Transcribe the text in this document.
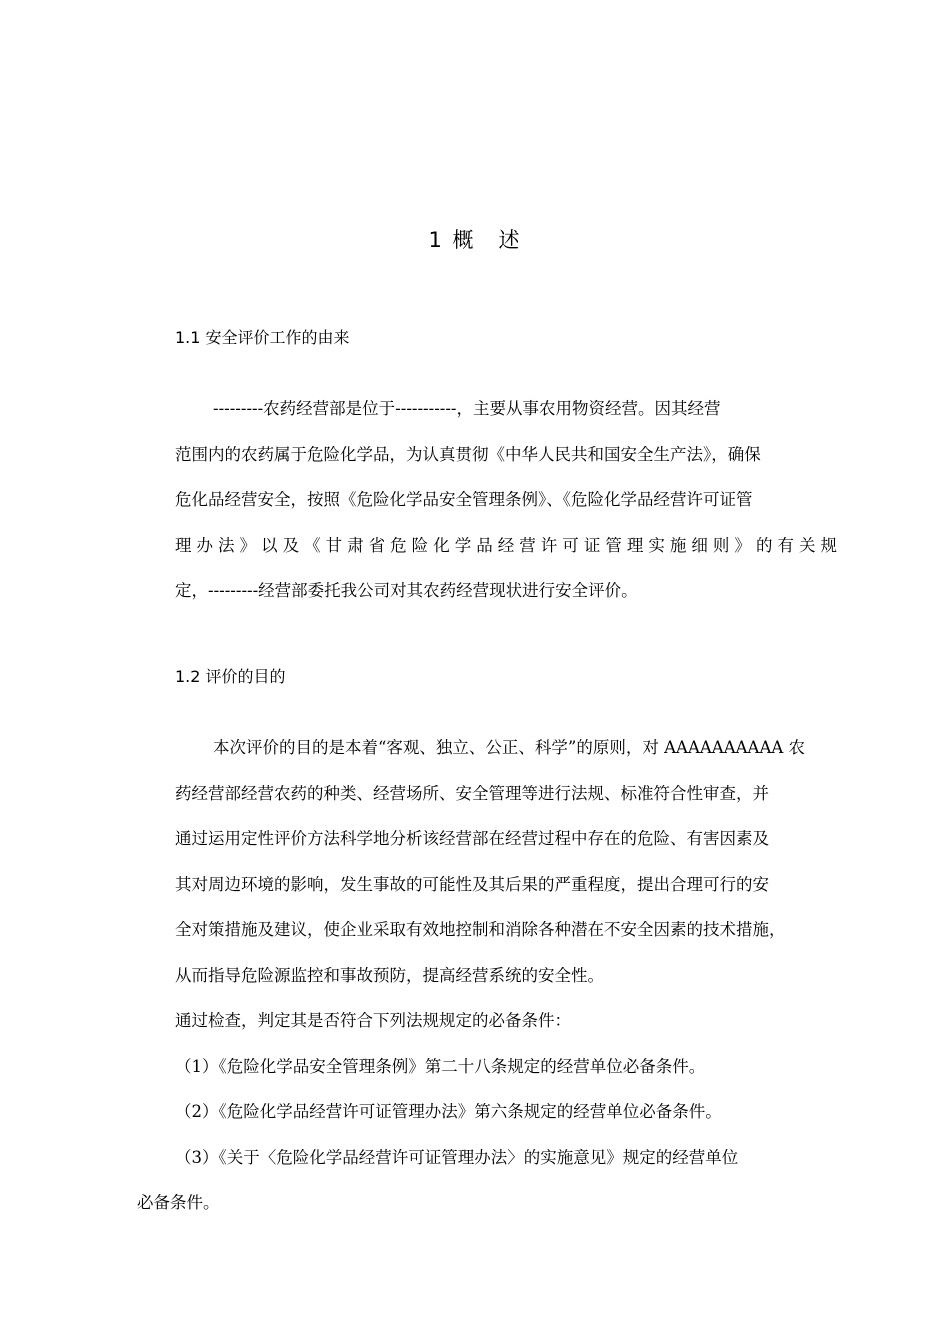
1 概　述
1.1 安全评价工作的由来
---------农药经营部是位于-----------，主要从事农用物资经营。因其经营
范围内的农药属于危险化学品，为认真贯彻《中华人民共和国安全生产法》，确保
危化品经营安全，按照《危险化学品安全管理条例》、《危险化学品经营许可证管
理办法》以及《甘肃省危险化学品经营许可证管理实施细则》的有关规
定，---------经营部委托我公司对其农药经营现状进行安全评价。
1.2 评价的目的
本次评价的目的是本着“客观、独立、公正、科学”的原则，对 AAAAAAAAAA 农
药经营部经营农药的种类、经营场所、安全管理等进行法规、标准符合性审查，并
通过运用定性评价方法科学地分析该经营部在经营过程中存在的危险、有害因素及
其对周边环境的影响，发生事故的可能性及其后果的严重程度，提出合理可行的安
全对策措施及建议，使企业采取有效地控制和消除各种潜在不安全因素的技术措施，
从而指导危险源监控和事故预防，提高经营系统的安全性。
通过检查，判定其是否符合下列法规规定的必备条件：
（1）《危险化学品安全管理条例》第二十八条规定的经营单位必备条件。
（2）《危险化学品经营许可证管理办法》第六条规定的经营单位必备条件。
（3）《关于〈危险化学品经营许可证管理办法〉的实施意见》规定的经营单位
必备条件。
